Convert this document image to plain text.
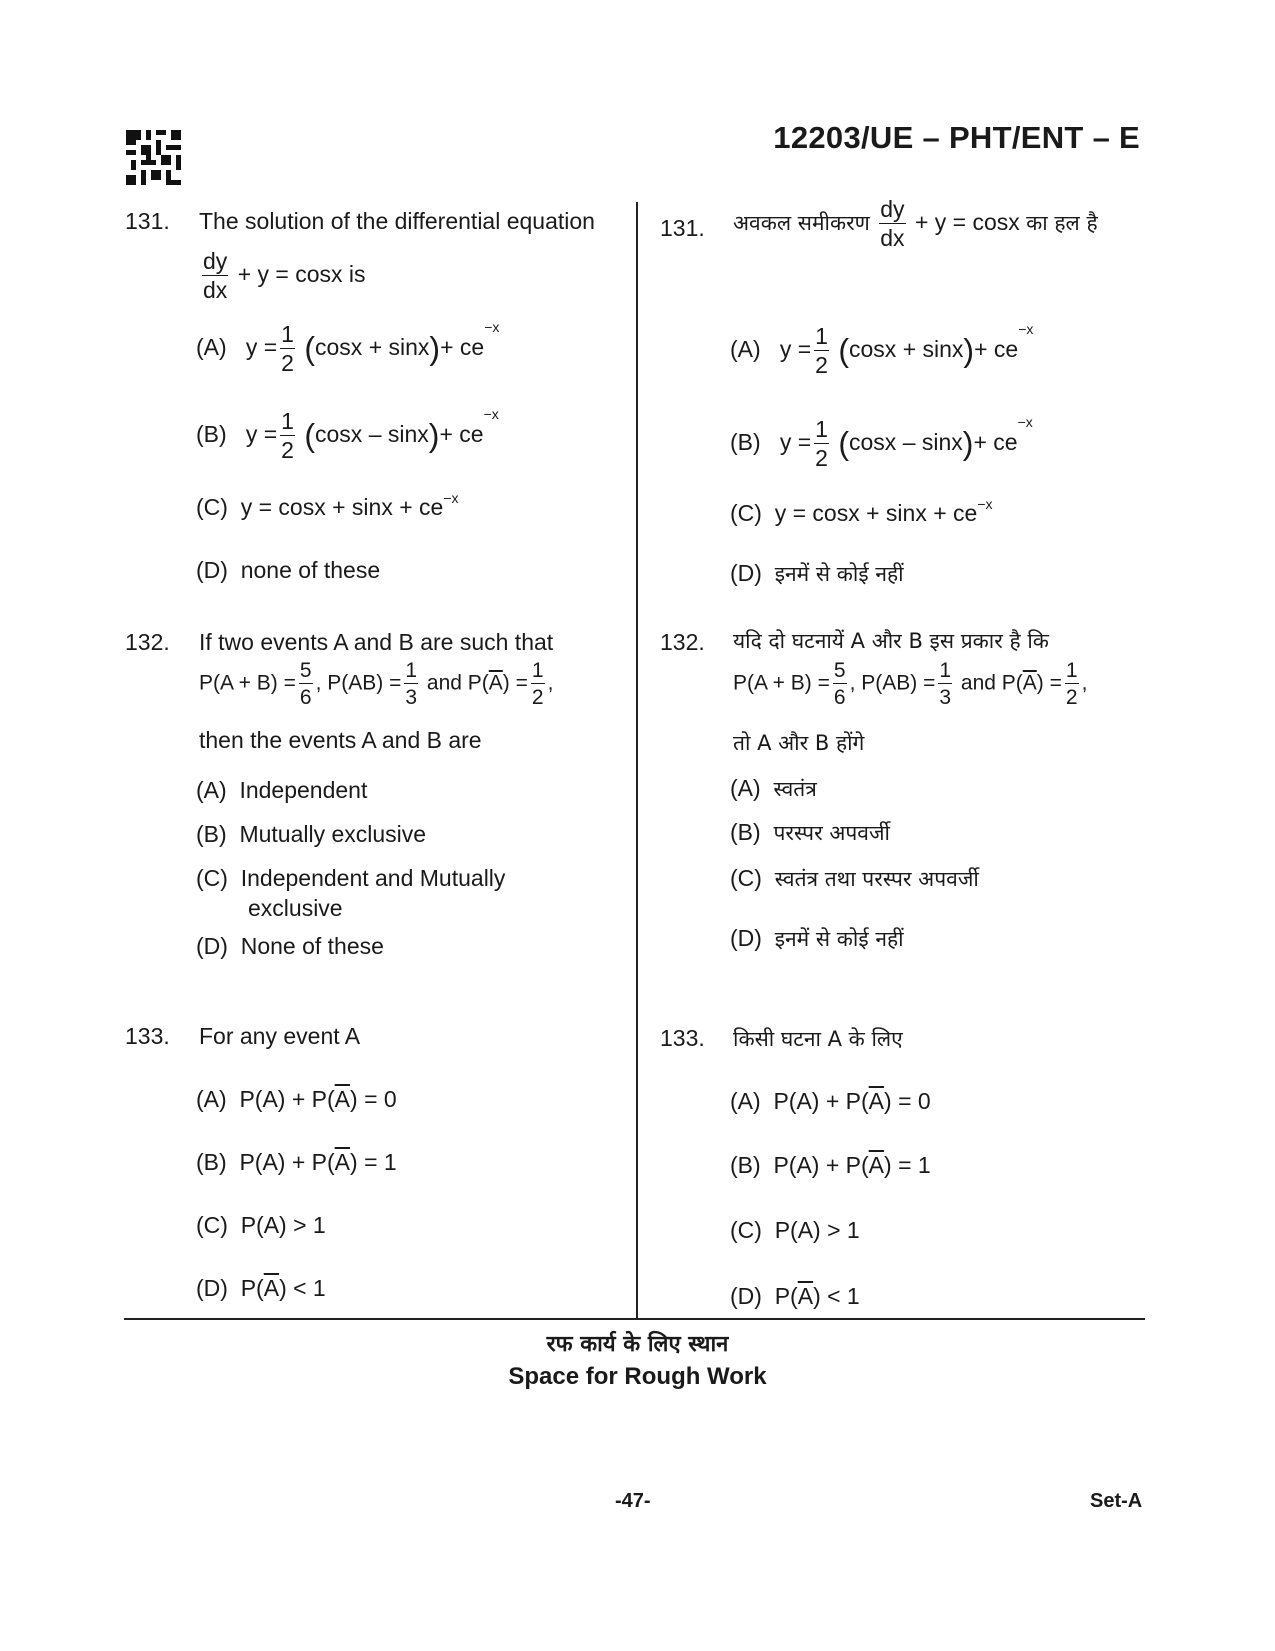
12203/UE – PHT/ENT – E
131. The solution of the differential equation
$\frac{dy}{dx} + y = \cos x$ is
(A) $y = \frac{1}{2} (\cos x + \sin x)+ ce^{-x}$
(B) $y = \frac{1}{2} (\cos x - \sin x)+ ce^{-x}$
(C) $y = \cos x + \sin x + ce^{-x}$
(D) none of these
132. If two events A and B are such that
$P(A + B) = \frac{5}{6}$ , $P(AB) = \frac{1}{3}$ and $P(\overline{A}) = \frac{1}{2}$ ,
then the events A and B are
(A) Independent
(B) Mutually exclusive
(C) Independent and Mutually
exclusive
(D) None of these
133. For any event A
(A) $P(A) + P(\overline{A}) = 0$
(B) $P(A) + P(\overline{A}) = 1$
(C) P(A) > 1
(D) $P(\overline{A}) < 1$
131. अवकल समीकरण $\frac{dy}{dx} + y = \cos x$ का हल है
(A) $y = \frac{1}{2} (\cos x + \sin x)+ ce^{-x}$
(B) $y = \frac{1}{2} (\cos x - \sin x)+ ce^{-x}$
(C) $y = \cos x + \sin x + ce^{-x}$
(D) इनमें से कोई नहीं
132. यदि दो घटनायें A और B इस प्रकार है कि
$P(A + B) = \frac{5}{6}$ , $P(AB) = \frac{1}{3}$ and $P(\overline{A}) = \frac{1}{2}$ ,
तो A और B होंगे
(A) स्वतंत्र
(B) परस्पर अपवर्जी
(C) स्वतंत्र तथा परस्पर अपवर्जी
(D) इनमें से कोई नहीं
133. किसी घटना A के लिए
(A) $P(A) + P(\overline{A}) = 0$
(B) $P(A) + P(\overline{A}) = 1$
(C) P(A) > 1
(D) $P(\overline{A}) < 1$
रफ कार्य के लिए स्थान
Space for Rough Work
-47-	Set-A
